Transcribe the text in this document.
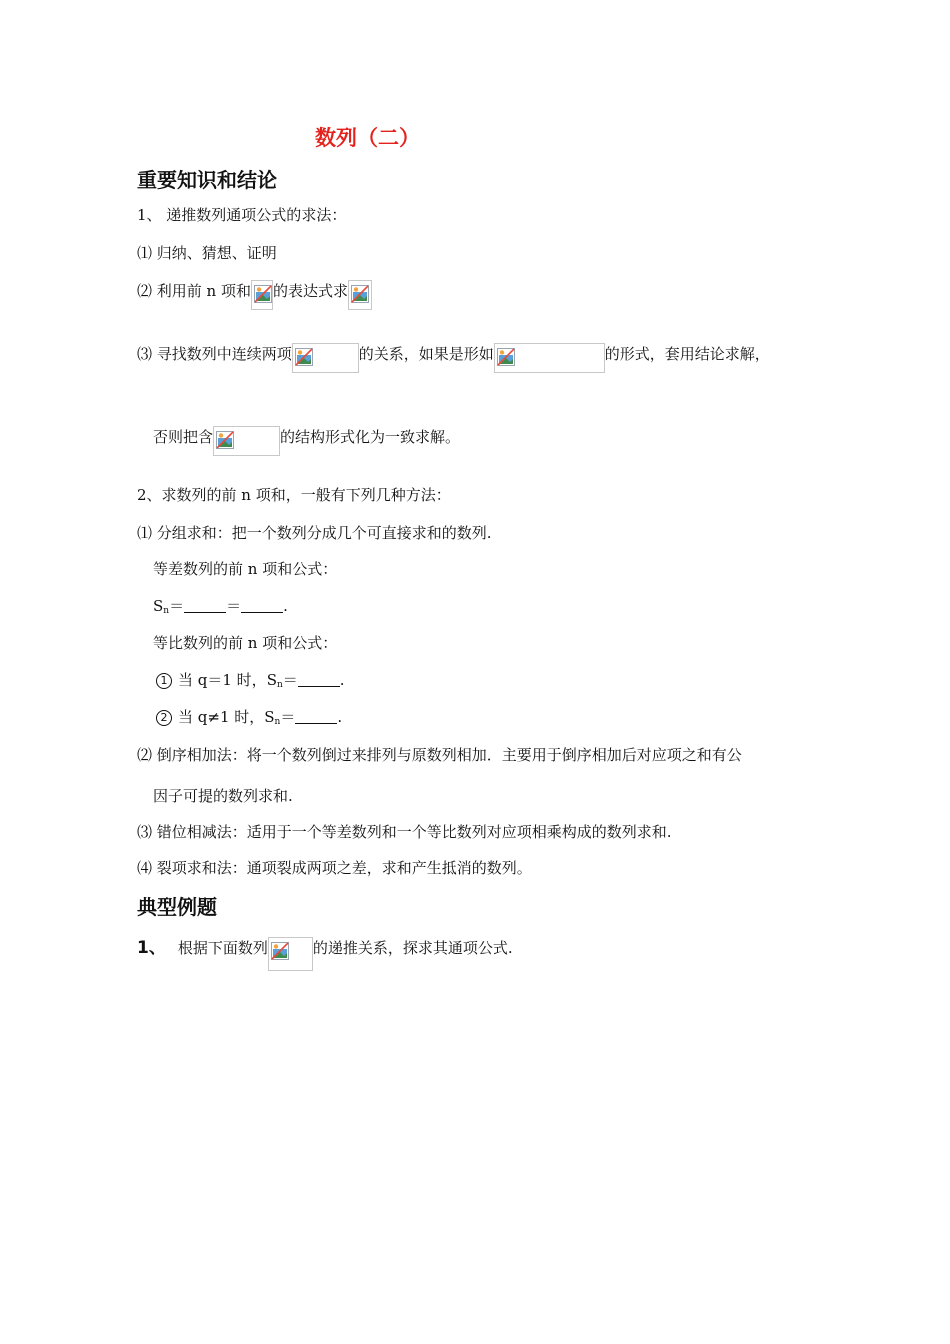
数列（二）
重要知识和结论
1、 递推数列通项公式的求法：
⑴ 归纳、猜想、证明
⑵ 利用前 n 项和 的表达式求
⑶ 寻找数列中连续两项	的关系，如果是形如	的形式，套用结论求解，
否则把含	的结构形式化为一致求解。
2、求数列的前 n 项和，一般有下列几种方法：
⑴ 分组求和：把一个数列分成几个可直接求和的数列.
等差数列的前 n 项和公式：
$S_n=$	＝	.
等比数列的前 n 项和公式：
1 当 q＝1 时，$S_n=$	.
2 当 q≠1 时，$S_n=$	.
⑵ 倒序相加法：将一个数列倒过来排列与原数列相加．主要用于倒序相加后对应项之和有公
因子可提的数列求和.
⑶ 错位相减法：适用于一个等差数列和一个等比数列对应项相乘构成的数列求和.
⑷ 裂项求和法：通项裂成两项之差，求和产生抵消的数列。
典型例题
1、 根据下面数列	的递推关系，探求其通项公式.
